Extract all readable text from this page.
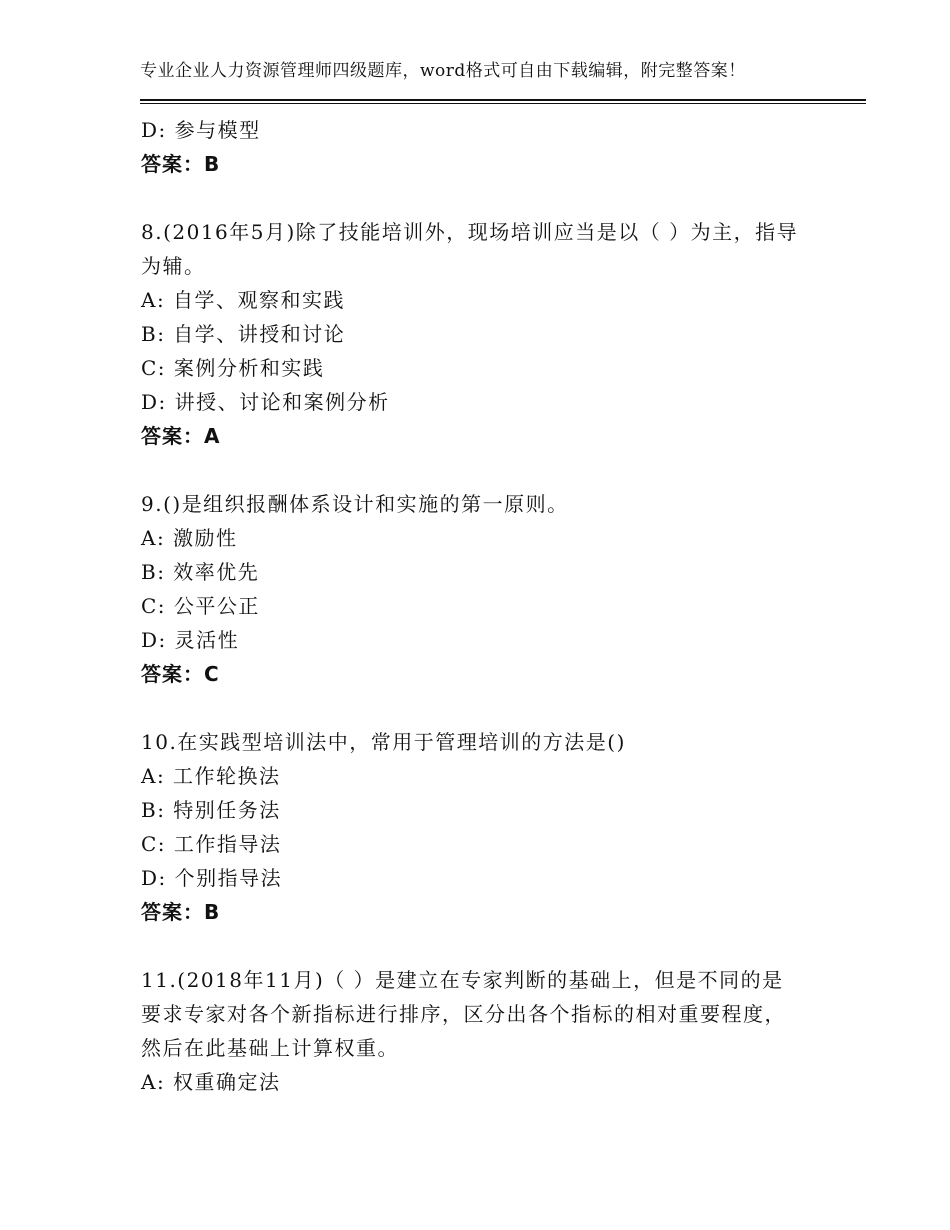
专业企业人力资源管理师四级题库，word格式可自由下载编辑，附完整答案！
D: 参与模型
答案：B
8.(2016年5月)除了技能培训外，现场培训应当是以（ ）为主，指导
为辅。
A: 自学、观察和实践
B: 自学、讲授和讨论
C: 案例分析和实践
D: 讲授、讨论和案例分析
答案：A
9.()是组织报酬体系设计和实施的第一原则。
A: 激励性
B: 效率优先
C: 公平公正
D: 灵活性
答案：C
10.在实践型培训法中，常用于管理培训的方法是()
A: 工作轮换法
B: 特别任务法
C: 工作指导法
D: 个别指导法
答案：B
11.(2018年11月)（ ）是建立在专家判断的基础上，但是不同的是
要求专家对各个新指标进行排序，区分出各个指标的相对重要程度，
然后在此基础上计算权重。
A: 权重确定法
